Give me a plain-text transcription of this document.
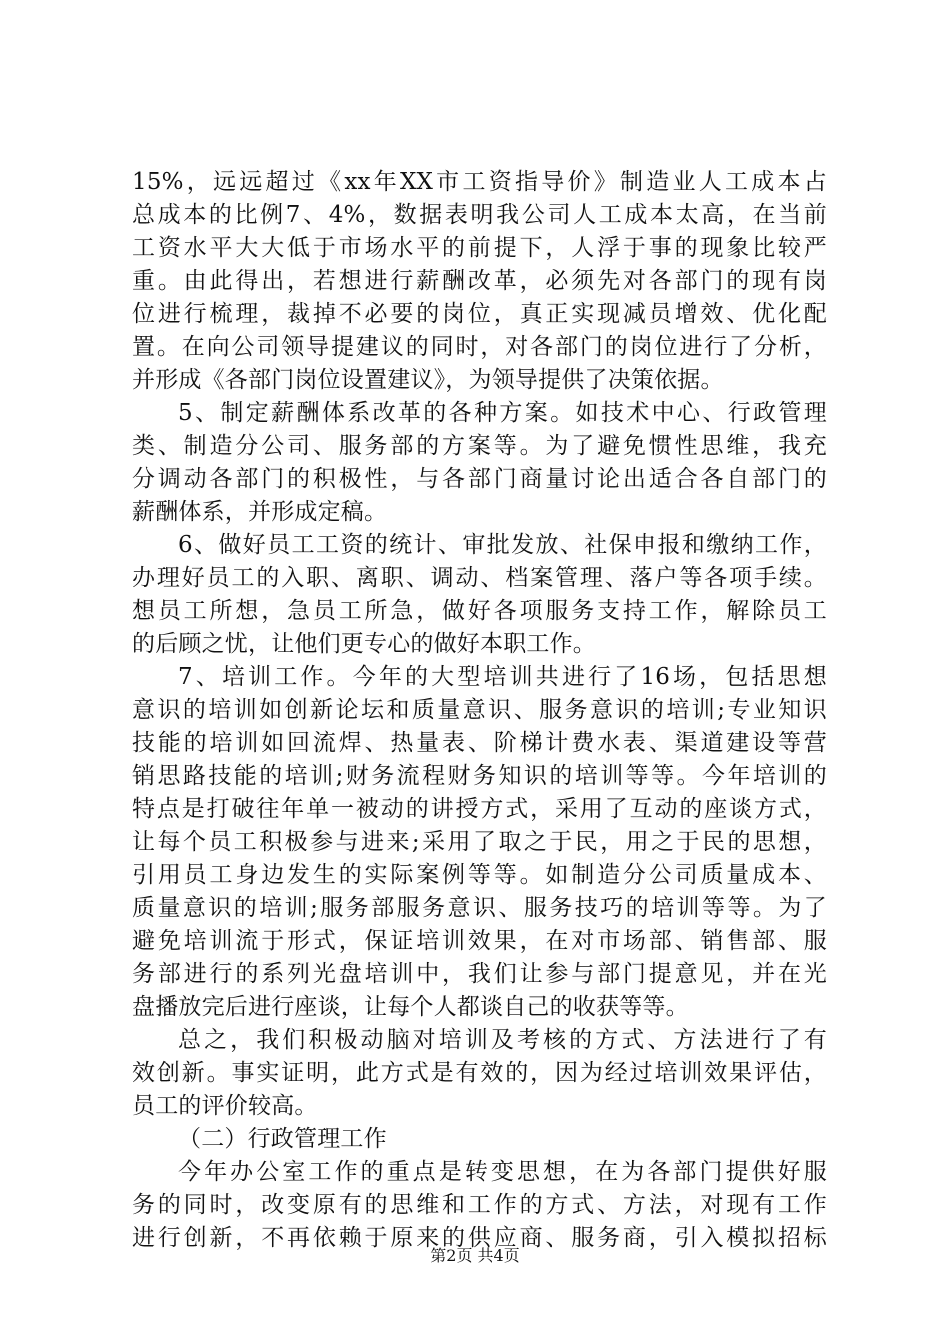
15%，远远超过《xx年XX市工资指导价》制造业人工成本占
总成本的比例7、4%，数据表明我公司人工成本太高，在当前
工资水平大大低于市场水平的前提下，人浮于事的现象比较严
重。由此得出，若想进行薪酬改革，必须先对各部门的现有岗
位进行梳理，裁掉不必要的岗位，真正实现减员增效、优化配
置。在向公司领导提建议的同时，对各部门的岗位进行了分析，
并形成《各部门岗位设置建议》，为领导提供了决策依据。
5、制定薪酬体系改革的各种方案。如技术中心、行政管理
类、制造分公司、服务部的方案等。为了避免惯性思维，我充
分调动各部门的积极性，与各部门商量讨论出适合各自部门的
薪酬体系，并形成定稿。
6、做好员工工资的统计、审批发放、社保申报和缴纳工作，
办理好员工的入职、离职、调动、档案管理、落户等各项手续。
想员工所想，急员工所急，做好各项服务支持工作，解除员工
的后顾之忧，让他们更专心的做好本职工作。
7、培训工作。今年的大型培训共进行了16场，包括思想
意识的培训如创新论坛和质量意识、服务意识的培训;专业知识
技能的培训如回流焊、热量表、阶梯计费水表、渠道建设等营
销思路技能的培训;财务流程财务知识的培训等等。今年培训的
特点是打破往年单一被动的讲授方式，采用了互动的座谈方式，
让每个员工积极参与进来;采用了取之于民，用之于民的思想，
引用员工身边发生的实际案例等等。如制造分公司质量成本、
质量意识的培训;服务部服务意识、服务技巧的培训等等。为了
避免培训流于形式，保证培训效果，在对市场部、销售部、服
务部进行的系列光盘培训中，我们让参与部门提意见，并在光
盘播放完后进行座谈，让每个人都谈自己的收获等等。
总之，我们积极动脑对培训及考核的方式、方法进行了有
效创新。事实证明，此方式是有效的，因为经过培训效果评估，
员工的评价较高。
（二）行政管理工作
今年办公室工作的重点是转变思想，在为各部门提供好服
务的同时，改变原有的思维和工作的方式、方法，对现有工作
进行创新，不再依赖于原来的供应商、服务商，引入模拟招标
第2页 共4页
